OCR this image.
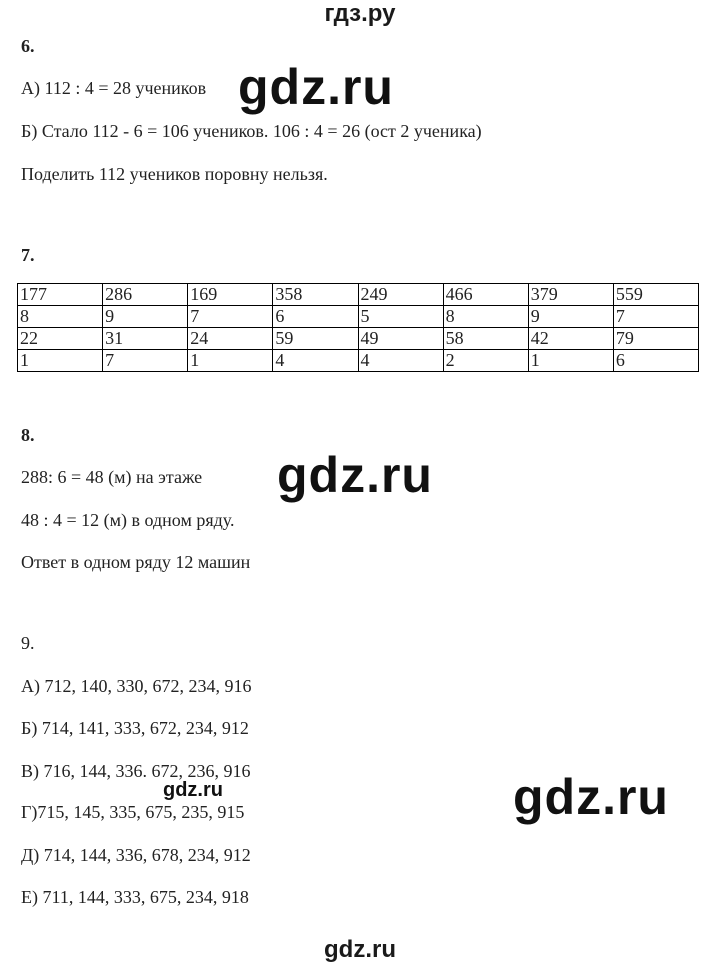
гдз.ру
6.
А) 112 : 4 = 28 учеников
Б) Стало 112 - 6 = 106 учеников. 106 : 4 = 26 (ост 2 ученика)
Поделить 112 учеников поровну нельзя.
gdz.ru
7.
177	286	169	358	249	466	379	559
8	9	7	6	5	8	9	7
22	31	24	59	49	58	42	79
1	7	1	4	4	2	1	6
8.
288: 6 = 48 (м) на этаже
48 : 4 = 12 (м) в одном ряду.
Ответ в одном ряду 12 машин
gdz.ru
9.
А) 712, 140, 330, 672, 234, 916
Б) 714, 141, 333, 672, 234, 912
В) 716, 144, 336. 672, 236, 916
Г)715, 145, 335, 675, 235, 915
Д) 714, 144, 336, 678, 234, 912
Е) 711, 144, 333, 675, 234, 918
gdz.ru	gdz.ru
gdz.ru
